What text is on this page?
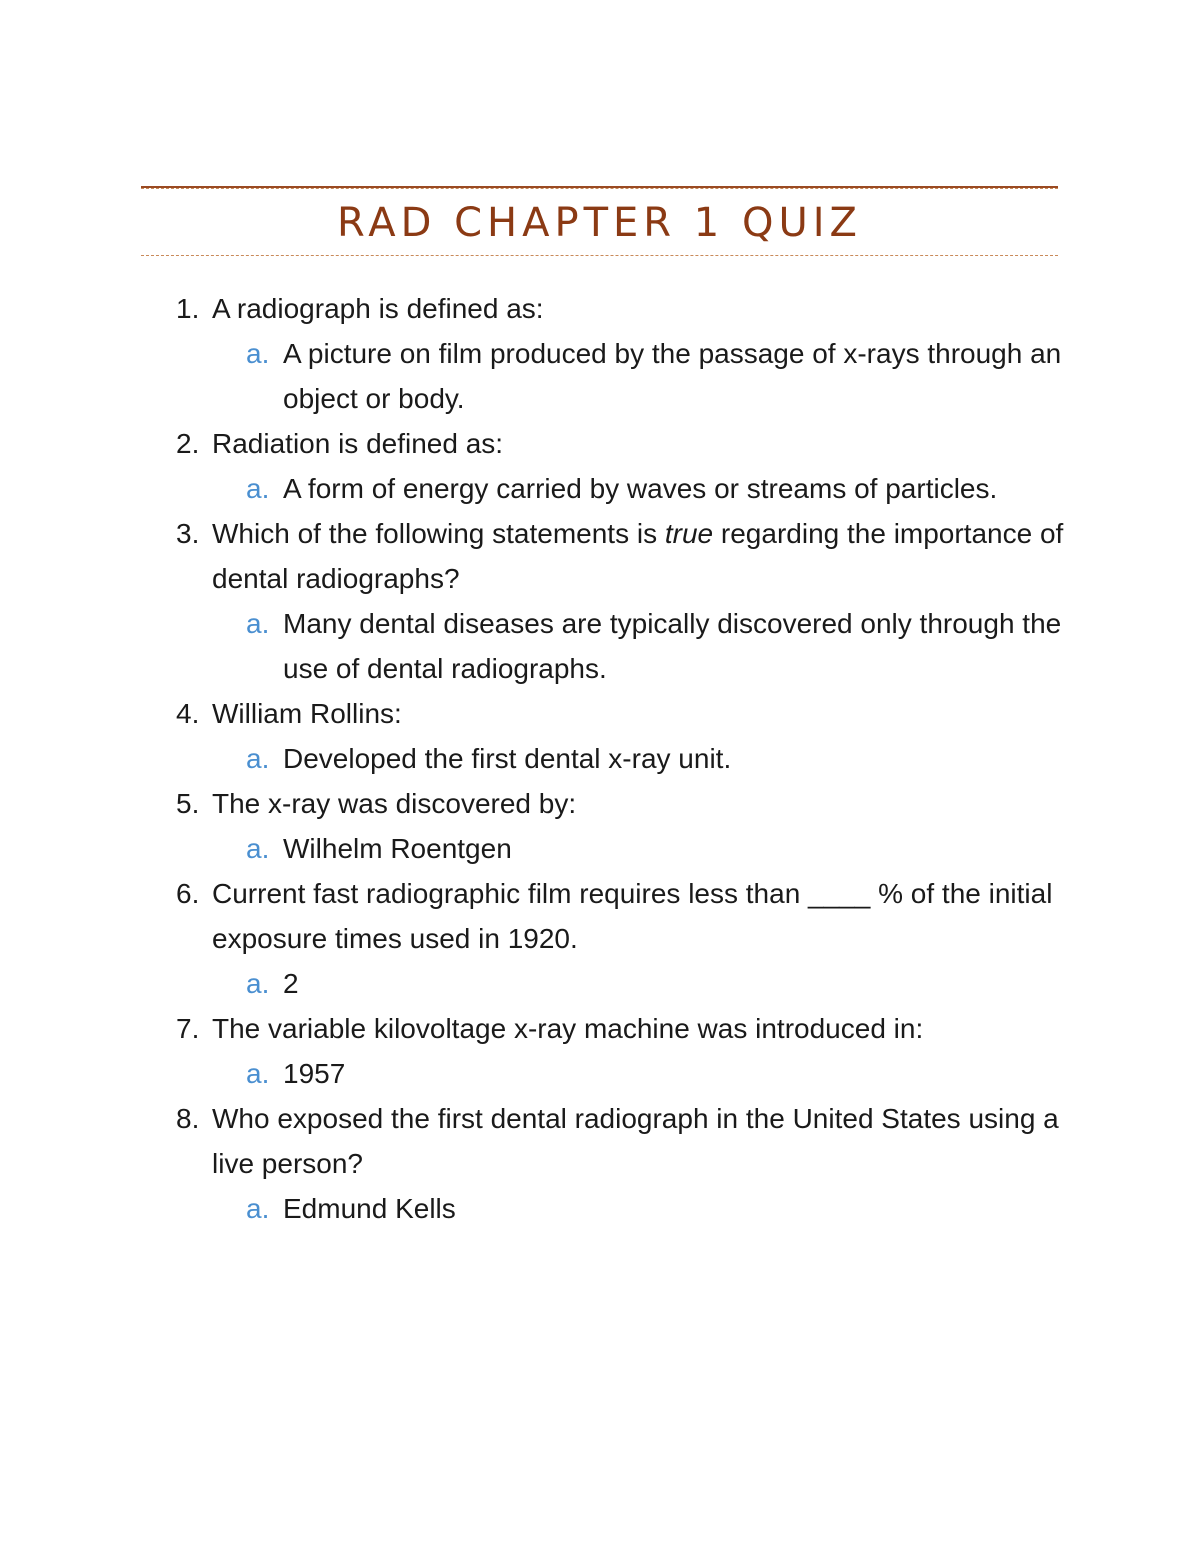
RAD CHAPTER 1 QUIZ
1. A radiograph is defined as:
a. A picture on film produced by the passage of x-rays through an object or body.
2. Radiation is defined as:
a. A form of energy carried by waves or streams of particles.
3. Which of the following statements is true regarding the importance of dental radiographs?
a. Many dental diseases are typically discovered only through the use of dental radiographs.
4. William Rollins:
a. Developed the first dental x-ray unit.
5. The x-ray was discovered by:
a. Wilhelm Roentgen
6. Current fast radiographic film requires less than ____ % of the initial exposure times used in 1920.
a. 2
7. The variable kilovoltage x-ray machine was introduced in:
a. 1957
8. Who exposed the first dental radiograph in the United States using a live person?
a. Edmund Kells
